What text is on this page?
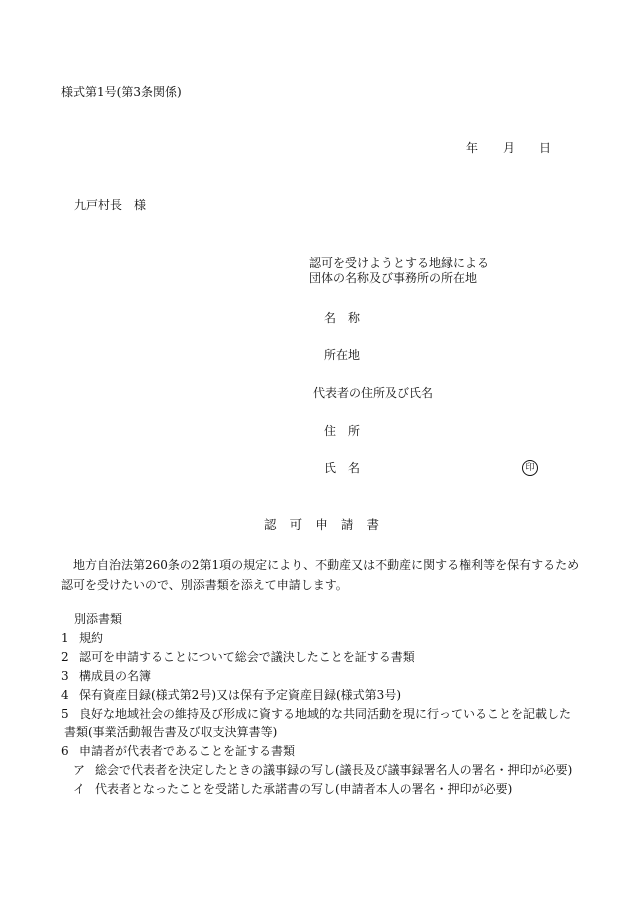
様式第1号(第3条関係)
年 月 日
九戸村長　様
認可を受けようとする地縁による
団体の名称及び事務所の所在地
名　称
所在地
代表者の住所及び氏名
住　所
氏　名	印
認可申請書
地方自治法第260条の2第1項の規定により、不動産又は不動産に関する権利等を保有するため認可を受けたいので、別添書類を添えて申請します。
別添書類
1 規約
2 認可を申請することについて総会で議決したことを証する書類
3 構成員の名簿
4 保有資産目録(様式第2号)又は保有予定資産目録(様式第3号)
5 良好な地域社会の維持及び形成に資する地域的な共同活動を現に行っていることを記載した
書類(事業活動報告書及び収支決算書等)
6 申請者が代表者であることを証する書類
ア 総会で代表者を決定したときの議事録の写し(議長及び議事録署名人の署名・押印が必要)
イ 代表者となったことを受諾した承諾書の写し(申請者本人の署名・押印が必要)
